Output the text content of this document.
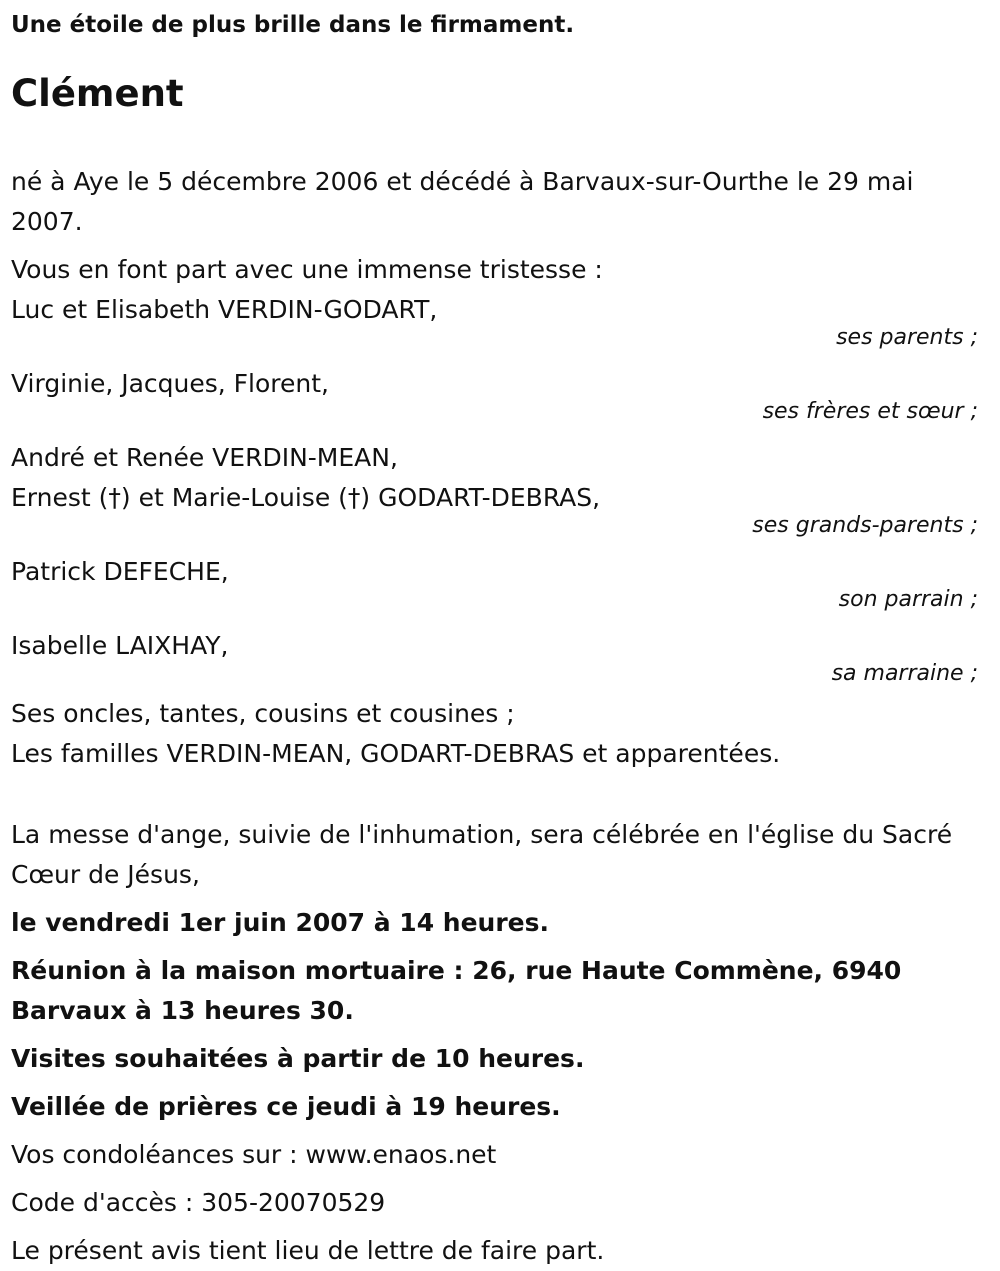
Une étoile de plus brille dans le firmament.

Clément

né à Aye le 5 décembre 2006 et décédé à Barvaux-sur-Ourthe le 29 mai 2007.

Vous en font part avec une immense tristesse :

Luc et Elisabeth VERDIN-GODART,

ses parents ;

Virginie, Jacques, Florent,

ses frères et sœur ;

André et Renée VERDIN-MEAN,

Ernest (†) et Marie-Louise (†) GODART-DEBRAS,

ses grands-parents ;

Patrick DEFECHE,

son parrain ;

Isabelle LAIXHAY,

sa marraine ;

Ses oncles, tantes, cousins et cousines ;

Les familles VERDIN-MEAN, GODART-DEBRAS et apparentées.

La messe d'ange, suivie de l'inhumation, sera célébrée en l'église du Sacré Cœur de Jésus,

le vendredi 1er juin 2007 à 14 heures.

Réunion à la maison mortuaire : 26, rue Haute Commène, 6940 Barvaux à 13 heures 30.

Visites souhaitées à partir de 10 heures.

Veillée de prières ce jeudi à 19 heures.

Vos condoléances sur : www.enaos.net

Code d'accès : 305-20070529

Le présent avis tient lieu de lettre de faire part.
